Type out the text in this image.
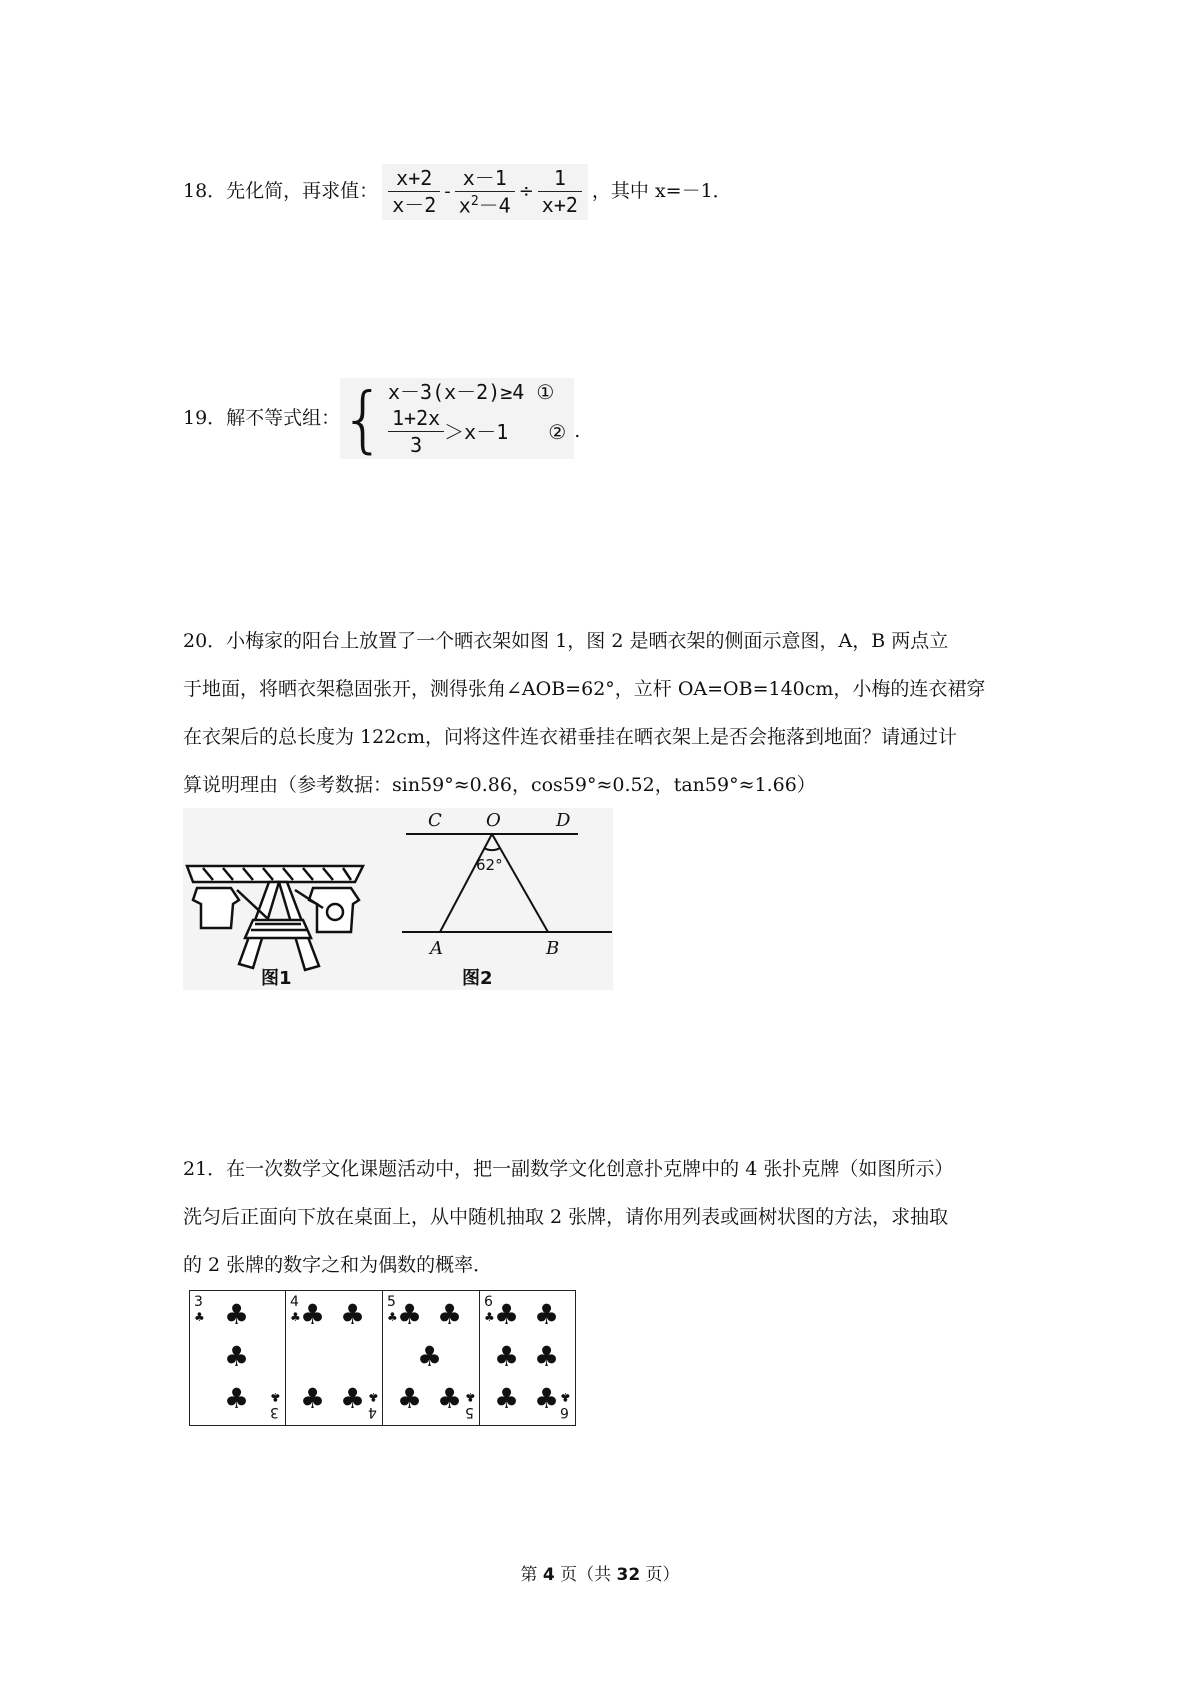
18．先化简，再求值： $\frac{x+2}{x-2} - \frac{x-1}{x^2-4} \div \frac{1}{x+2}$ ，其中 x=－1．
19．解不等式组： { x－3(x－2)≥4 ①
$\frac{1+2x}{3} >x-1$ ② .
20．小梅家的阳台上放置了一个晒衣架如图 1，图 2 是晒衣架的侧面示意图，A，B 两点立
于地面，将晒衣架稳固张开，测得张角∠AOB=62°，立杆 OA=OB=140cm，小梅的连衣裙穿
在衣架后的总长度为 122cm，问将这件连衣裙垂挂在晒衣架上是否会拖落到地面？请通过计
算说明理由（参考数据：sin59°≈0.86，cos59°≈0.52，tan59°≈1.66）
图1
C O	D
A	B
62°
图2
21．在一次数学文化课题活动中，把一副数学文化创意扑克牌中的 4 张扑克牌（如图所示）
洗匀后正面向下放在桌面上，从中随机抽取 2 张牌，请你用列表或画树状图的方法，求抽取
的 2 张牌的数字之和为偶数的概率．
3
♣ ♣
♣
♣ ♣
3
4
♣ ♣ ♣
♣ ♣ ♣
4
5
♣ ♣ ♣
♣
♣ ♣ ♣
5
6
♣ ♣ ♣
♣ ♣
♣ ♣ ♣
6
第 4 页（共 32 页）
